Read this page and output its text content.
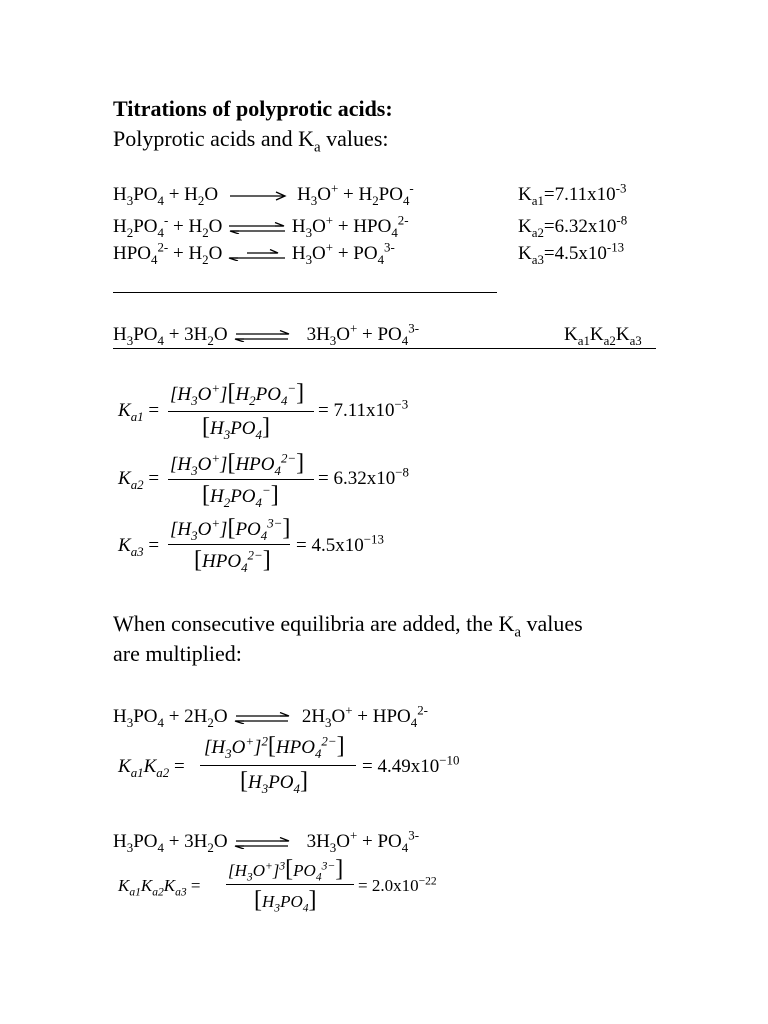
Titrations of polyprotic acids:
Polyprotic acids and $K_a$ values:
$H_3PO_4 + H_2O$	$H_3O^+ + H_2PO_4^-$	$K_{a1}=7.11x10^{-3}$
$H_2PO_4^- + H_2O$ ⇌ $H_3O^+ + HPO_4^{2-}$	$K_{a2}=6.32x10^{-8}$
$HPO_4^{2-} + H_2O$	$H_3O^+ + PO_4^{3-}$	$K_{a3}=4.5x10^{-13}$
$H_3PO_4 + 3H_2O$ ⇌ $3H_3O^+ + PO_4^{3-}$	$K_{a1}K_{a2}K_{a3}$
$K_{a1}$ =
$[H_3O^+][H_2PO_4^-]$
$[H_3PO_4]$
= $7.11x10^{-3}$
$K_{a2}$ =
$[H_3O^+][HPO_4^{2-}]$
$[H_2PO_4^-]$
= $6.32x10^{-8}$
$K_{a3}$ =
$[H_3O^+][PO_4^{3-}]$
$[HPO_4^{2-}]$
= $4.5x10^{-13}$
When consecutive equilibria are added, the $K_a$ values
are multiplied:
$H_3PO_4 + 2H_2O$ ⇌ $2H_3O^+ + HPO_4^{2-}$
$K_{a1}K_{a2}$ =
$[H_3O^+]^2[HPO_4^{2-}]$
$[H_3PO_4]$
= $4.49x10^{-10}$
$H_3PO_4 + 3H_2O$ ⇌ $3H_3O^+ + PO_4^{3-}$
$K_{a1}K_{a2}K_{a3}$ =
$[H_3O^+]^3[PO_4^{3-}]$
$[H_3PO_4]$
= $2.0x10^{-22}$
